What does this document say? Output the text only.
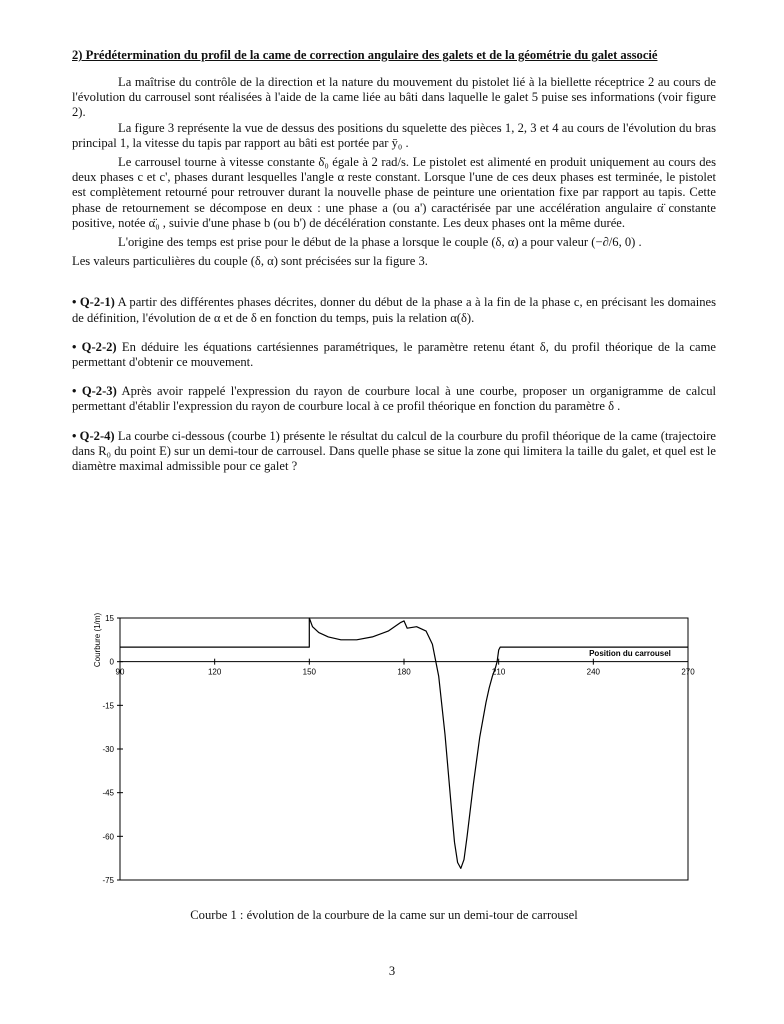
2) Prédétermination du profil de la came de correction angulaire des galets et de la géométrie du galet associé

La maîtrise du contrôle de la direction et la nature du mouvement du pistolet lié à la biellette réceptrice 2 au cours de l'évolution du carrousel sont réalisées à l'aide de la came liée au bâti dans laquelle le galet 5 puise ses informations (voir figure 2).

La figure 3 représente la vue de dessus des positions du squelette des pièces 1, 2, 3 et 4 au cours de l'évolution du bras principal 1, la vitesse du tapis par rapport au bâti est portée par ȳ₀ .

Le carrousel tourne à vitesse constante δ̇₀ égale à 2 rad/s. Le pistolet est alimenté en produit uniquement au cours des deux phases c et c', phases durant lesquelles l'angle α reste constant. Lorsque l'une de ces deux phases est terminée, le pistolet est complètement retourné pour retrouver durant la nouvelle phase de peinture une orientation fixe par rapport au tapis. Cette phase de retournement se décompose en deux : une phase a (ou a') caractérisée par une accélération angulaire α̈ constante positive, notée α̈₀ , suivie d'une phase b (ou b') de décélération constante. Les deux phases ont la même durée.

L'origine des temps est prise pour le début de la phase a lorsque le couple (δ, α) a pour valeur (−∂/6, 0) .

Les valeurs particulières du couple (δ, α) sont précisées sur la figure 3.

• Q-2-1) A partir des différentes phases décrites, donner du début de la phase a à la fin de la phase c, en précisant les domaines de définition, l'évolution de α et de δ en fonction du temps, puis la relation α(δ).

• Q-2-2) En déduire les équations cartésiennes paramétriques, le paramètre retenu étant δ, du profil théorique de la came permettant d'obtenir ce mouvement.

• Q-2-3) Après avoir rappelé l'expression du rayon de courbure local à une courbe, proposer un organigramme de calcul permettant d'établir l'expression du rayon de courbure local à ce profil théorique en fonction du paramètre δ .

• Q-2-4) La courbe ci-dessous (courbe 1) présente le résultat du calcul de la courbure du profil théorique de la came (trajectoire dans R₀ du point E) sur un demi-tour de carrousel. Dans quelle phase se situe la zone qui limitera la taille du galet, et quel est le diamètre maximal admissible pour ce galet ?

90	120	150	180	210	240	270
15
0
-15
-30
-45
-60
-75
Courbure (1/m)	Position du carrousel
Courbe 1 : évolution de la courbure de la came sur un demi-tour de carrousel
3
